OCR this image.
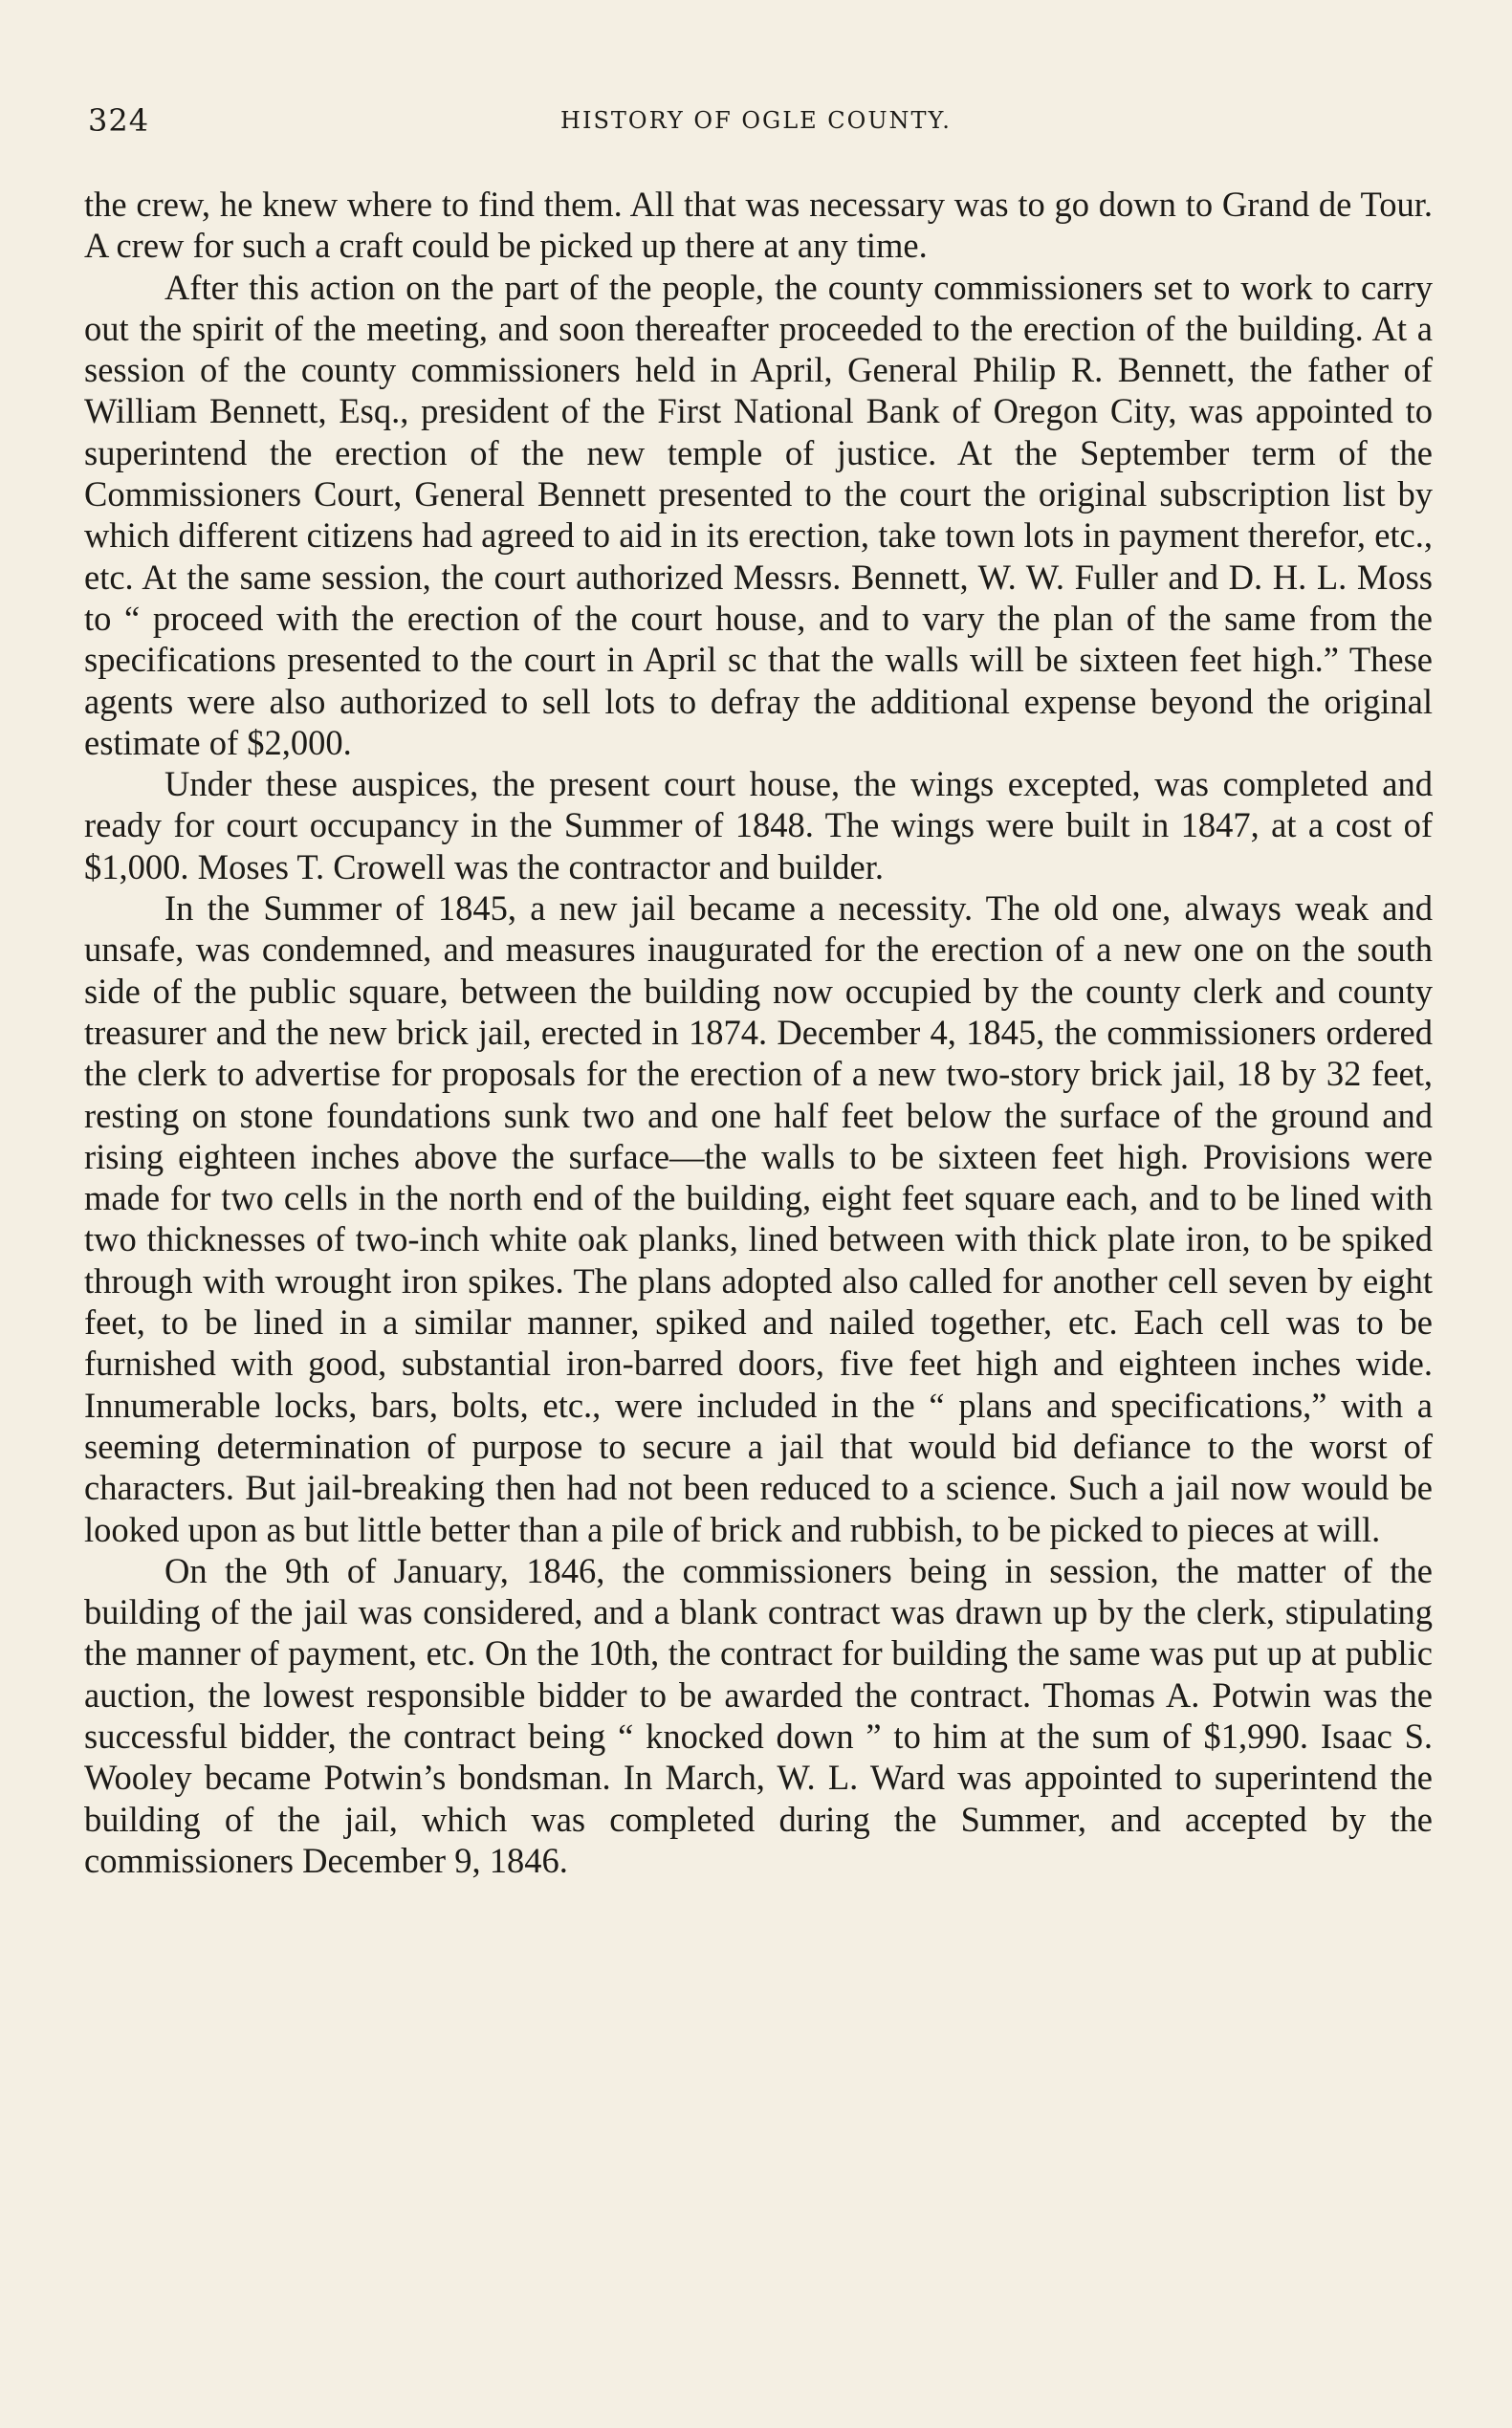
324	HISTORY OF OGLE COUNTY.

the crew, he knew where to find them. All that was necessary was to go down to Grand de Tour. A crew for such a craft could be picked up there at any time.

After this action on the part of the people, the county commissioners set to work to carry out the spirit of the meeting, and soon thereafter proceeded to the erection of the building. At a session of the county commissioners held in April, General Philip R. Bennett, the father of William Bennett, Esq., president of the First National Bank of Oregon City, was appointed to superintend the erection of the new temple of justice. At the September term of the Commissioners Court, General Bennett presented to the court the original subscription list by which different citizens had agreed to aid in its erection, take town lots in payment therefor, etc., etc. At the same session, the court authorized Messrs. Bennett, W. W. Fuller and D. H. L. Moss to “ proceed with the erection of the court house, and to vary the plan of the same from the specifications presented to the court in April sc that the walls will be sixteen feet high.” These agents were also authorized to sell lots to defray the additional expense beyond the original estimate of $2,000.

Under these auspices, the present court house, the wings excepted, was completed and ready for court occupancy in the Summer of 1848. The wings were built in 1847, at a cost of $1,000. Moses T. Crowell was the contractor and builder.

In the Summer of 1845, a new jail became a necessity. The old one, always weak and unsafe, was condemned, and measures inaugurated for the erection of a new one on the south side of the public square, between the building now occupied by the county clerk and county treasurer and the new brick jail, erected in 1874. December 4, 1845, the commissioners ordered the clerk to advertise for proposals for the erection of a new two-story brick jail, 18 by 32 feet, resting on stone foundations sunk two and one half feet below the surface of the ground and rising eighteen inches above the surface—the walls to be sixteen feet high. Provisions were made for two cells in the north end of the building, eight feet square each, and to be lined with two thicknesses of two-inch white oak planks, lined between with thick plate iron, to be spiked through with wrought iron spikes. The plans adopted also called for another cell seven by eight feet, to be lined in a similar manner, spiked and nailed together, etc. Each cell was to be furnished with good, substantial iron-barred doors, five feet high and eighteen inches wide. Innumerable locks, bars, bolts, etc., were included in the “ plans and specifications,” with a seeming determination of purpose to secure a jail that would bid defiance to the worst of characters. But jail-breaking then had not been reduced to a science. Such a jail now would be looked upon as but little better than a pile of brick and rubbish, to be picked to pieces at will.

On the 9th of January, 1846, the commissioners being in session, the matter of the building of the jail was considered, and a blank contract was drawn up by the clerk, stipulating the manner of payment, etc. On the 10th, the contract for building the same was put up at public auction, the lowest responsible bidder to be awarded the contract. Thomas A. Potwin was the successful bidder, the contract being “ knocked down ” to him at the sum of $1,990. Isaac S. Wooley became Potwin’s bondsman. In March, W. L. Ward was appointed to superintend the building of the jail, which was completed during the Summer, and accepted by the commissioners December 9, 1846.
